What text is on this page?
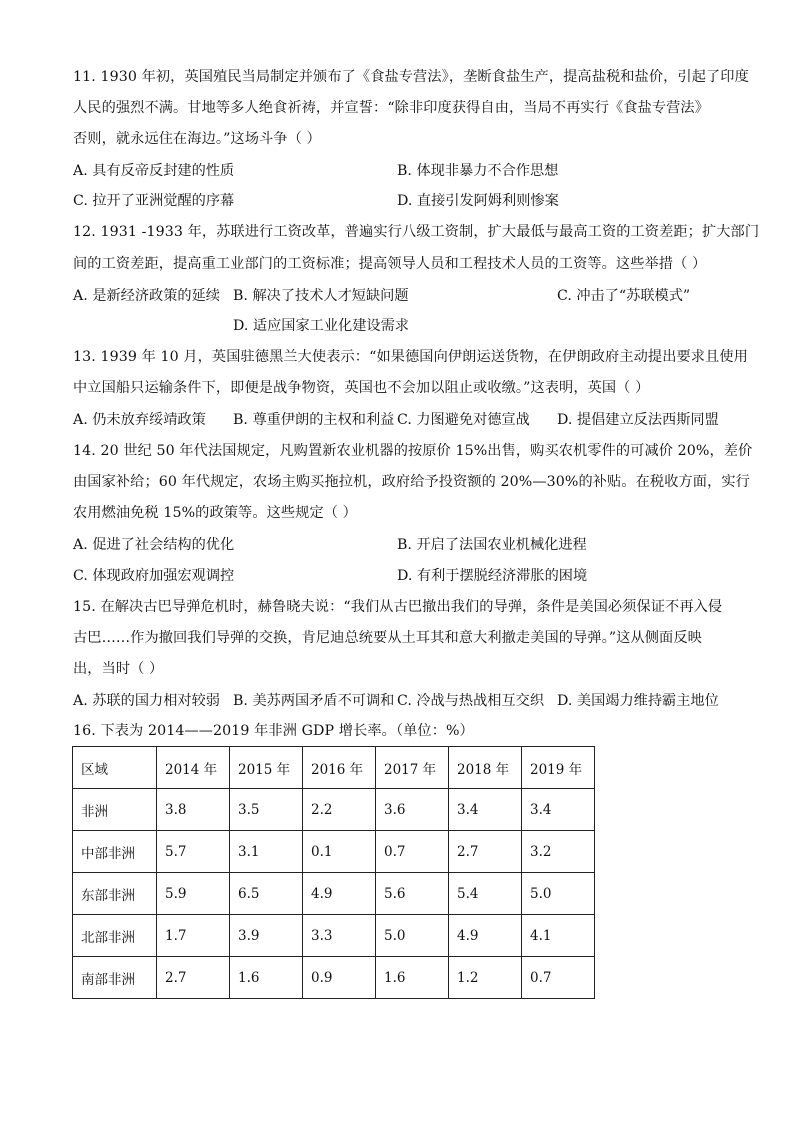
11. 1930 年初，英国殖民当局制定并颁布了《食盐专营法》，垄断食盐生产，提高盐税和盐价，引起了印度
人民的强烈不满。甘地等多人绝食祈祷，并宣誓：“除非印度获得自由，当局不再实行《食盐专营法》
否则，就永远住在海边。”这场斗争（ ）
A. 具有反帝反封建的性质	B. 体现非暴力不合作思想
C. 拉开了亚洲觉醒的序幕	D. 直接引发阿姆利则惨案
12. 1931 -1933 年，苏联进行工资改革，普遍实行八级工资制，扩大最低与最高工资的工资差距；扩大部门
间的工资差距，提高重工业部门的工资标准；提高领导人员和工程技术人员的工资等。这些举措（ ）
A. 是新经济政策的延续 B. 解决了技术人才短缺问题	C. 冲击了“苏联模式”
D. 适应国家工业化建设需求
13. 1939 年 10 月，英国驻德黑兰大使表示：“如果德国向伊朗运送货物，在伊朗政府主动提出要求且使用
中立国船只运输条件下，即便是战争物资，英国也不会加以阻止或收缴。”这表明，英国（ ）
A. 仍未放弃绥靖政策 B. 尊重伊朗的主权和利益 C. 力图避免对德宣战 D. 提倡建立反法西斯同盟
14. 20 世纪 50 年代法国规定，凡购置新农业机器的按原价 15%出售，购买农机零件的可减价 20%，差价
由国家补给；60 年代规定，农场主购买拖拉机，政府给予投资额的 20%—30%的补贴。在税收方面，实行
农用燃油免税 15%的政策等。这些规定（ ）
A. 促进了社会结构的优化	B. 开启了法国农业机械化进程
C. 体现政府加强宏观调控	D. 有利于摆脱经济滞胀的困境
15. 在解决古巴导弹危机时，赫鲁晓夫说：“我们从古巴撤出我们的导弹，条件是美国必须保证不再入侵
古巴……作为撤回我们导弹的交换，肯尼迪总统要从土耳其和意大利撤走美国的导弹。”这从侧面反映
出，当时（ ）
A. 苏联的国力相对较弱 B. 美苏两国矛盾不可调和 C. 冷战与热战相互交织 D. 美国竭力维持霸主地位
16. 下表为 2014——2019 年非洲 GDP 增长率。（单位：%）
区域	2014 年	2015 年	2016 年	2017 年	2018 年	2019 年
非洲	3.8	3.5	2.2	3.6	3.4	3.4
中部非洲	5.7	3.1	0.1	0.7	2.7	3.2
东部非洲	5.9	6.5	4.9	5.6	5.4	5.0
北部非洲	1.7	3.9	3.3	5.0	4.9	4.1
南部非洲	2.7	1.6	0.9	1.6	1.2	0.7
